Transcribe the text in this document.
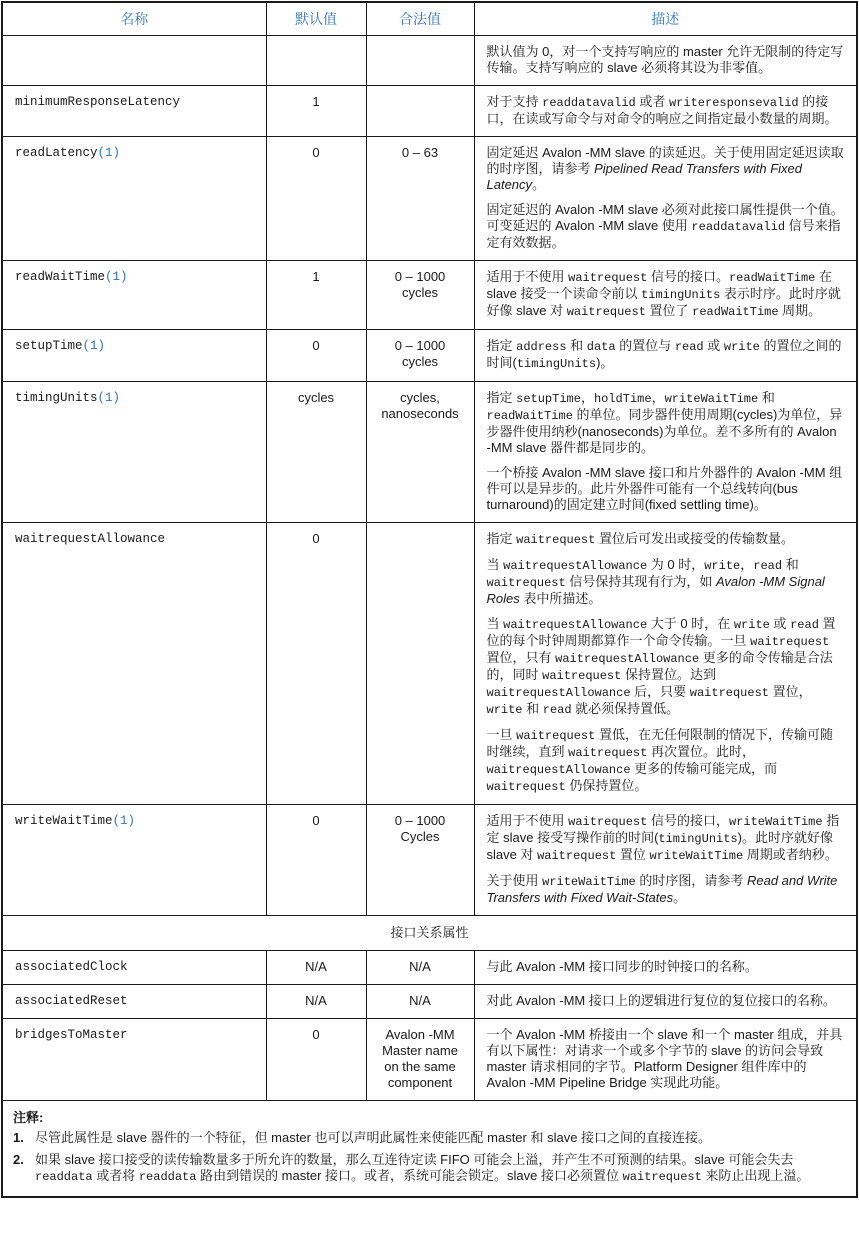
名称	默认值	合法值	描述

			默认值为 0，对一个支持写响应的 master 允许无限制的待定写传输。支持写响应的 slave 必须将其设为非零值。

minimumResponseLatency	1		对于支持 readdatavalid 或者 writeresponsevalid 的接口，在读或写命令与对命令的响应之间指定最小数量的周期。

readLatency(1)	0	0 – 63	固定延迟 Avalon -MM slave 的读延迟。关于使用固定延迟读取的时序图，请参考 Pipelined Read Transfers with Fixed Latency。

固定延迟的 Avalon -MM slave 必须对此接口属性提供一个值。 可变延迟的 Avalon -MM slave 使用 readdatavalid 信号来指定有效数据。

readWaitTime(1)	1	0 – 1000 cycles	适用于不使用 waitrequest 信号的接口。readWaitTime 在 slave 接受一个读命令前以 timingUnits 表示时序。此时序就好像 slave 对 waitrequest 置位了 readWaitTime 周期。

setupTime(1)	0	0 – 1000 cycles	指定 address 和 data 的置位与 read 或 write 的置位之间的时间(timingUnits)。

timingUnits(1)	cycles	cycles, nanoseconds	指定 setupTime，holdTime，writeWaitTime 和 readWaitTime 的单位。同步器件使用周期(cycles)为单位，异步器件使用纳秒(nanoseconds)为单位。差不多所有的 Avalon -MM slave 器件都是同步的。

一个桥接 Avalon -MM slave 接口和片外器件的 Avalon -MM 组件可以是异步的。此片外器件可能有一个总线转向(bus turnaround)的固定建立时间(fixed settling time)。

waitrequestAllowance	0		指定 waitrequest 置位后可发出或接受的传输数量。

当 waitrequestAllowance 为 0 时，write，read 和 waitrequest 信号保持其现有行为，如 Avalon -MM Signal Roles 表中所描述。

当 waitrequestAllowance 大于 0 时，在 write 或 read 置位的每个时钟周期都算作一个命令传输。一旦 waitrequest 置位，只有 waitrequestAllowance 更多的命令传输是合法的，同时 waitrequest 保持置位。达到 waitrequestAllowance 后，只要 waitrequest 置位，write 和 read 就必须保持置低。

一旦 waitrequest 置低，在无任何限制的情况下，传输可随时继续，直到 waitrequest 再次置位。此时，waitrequestAllowance 更多的传输可能完成，而 waitrequest 仍保持置位。

writeWaitTime(1)	0	0 – 1000 Cycles	适用于不使用 waitrequest 信号的接口，writeWaitTime 指定 slave 接受写操作前的时间(timingUnits)。此时序就好像 slave 对 waitrequest 置位 writeWaitTime 周期或者纳秒。

关于使用 writeWaitTime 的时序图，请参考 Read and Write Transfers with Fixed Wait-States。

接口关系属性			
associatedClock	N/A	N/A	与此 Avalon -MM 接口同步的时钟接口的名称。

associatedReset	N/A	N/A	对此 Avalon -MM 接口上的逻辑进行复位的复位接口的名称。

bridgesToMaster	0	Avalon -MM Master name on the same component	一个 Avalon -MM 桥接由一个 slave 和一个 master 组成，并具有以下属性：对请求一个或多个字节的 slave 的访问会导致 master 请求相同的字节。Platform Designer 组件库中的 Avalon -MM Pipeline Bridge 实现此功能。

注释:
1. 尽管此属性是 slave 器件的一个特征，但 master 也可以声明此属性来使能匹配 master 和 slave 接口之间的直接连接。
2. 如果 slave 接口接受的读传输数量多于所允许的数量，那么互连待定读 FIFO 可能会上溢，并产生不可预测的结果。slave 可能会失去 readdata 或者将 readdata 路由到错误的 master 接口。或者，系统可能会锁定。slave 接口必须置位 waitrequest 来防止出现上溢。			
